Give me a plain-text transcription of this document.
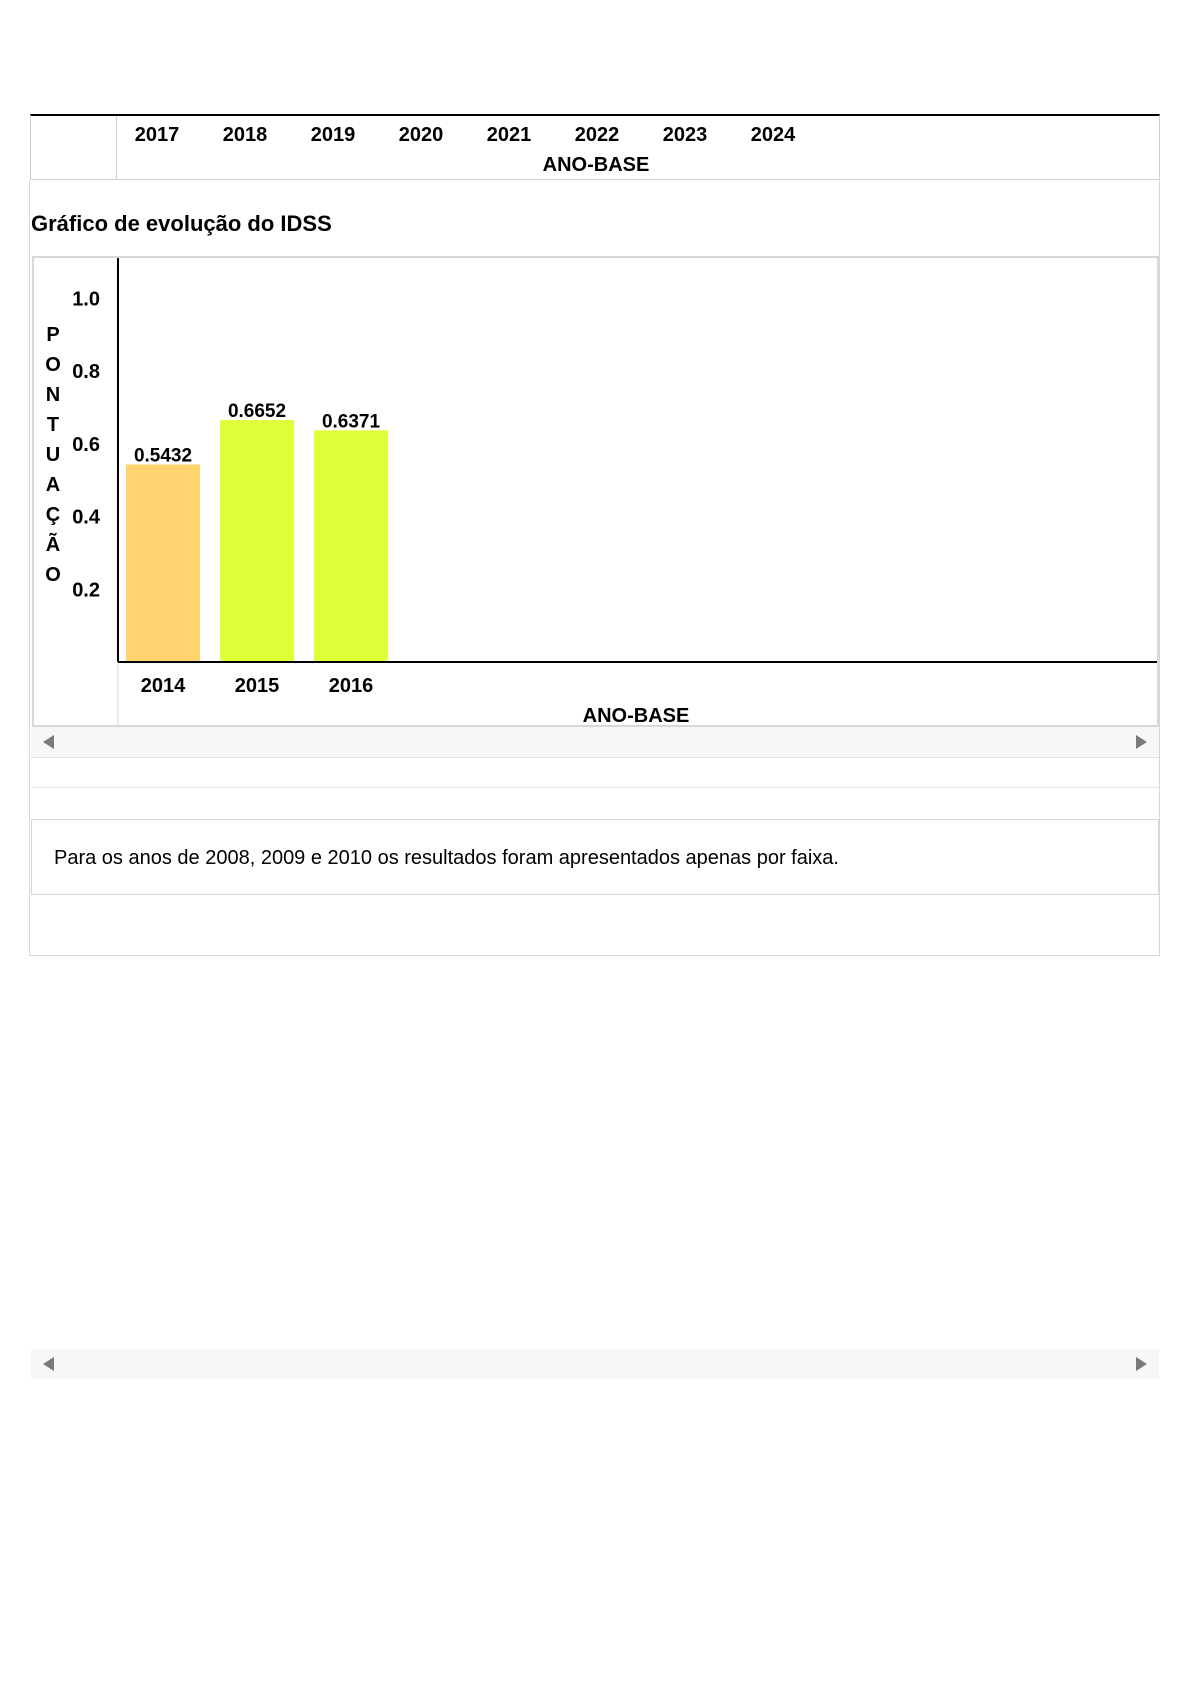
2017	2018	2019	2020	2021	2022	2023	2024
ANO-BASE
Gráfico de evolução do IDSS
1.0
0.8
0.6
0.4
0.2
P
O
N
T
U
A
Ç
Ã
O
0.5432
2014
0.6652
2015
0.6371
2016
ANO-BASE
Para os anos de 2008, 2009 e 2010 os resultados foram apresentados apenas por faixa.
